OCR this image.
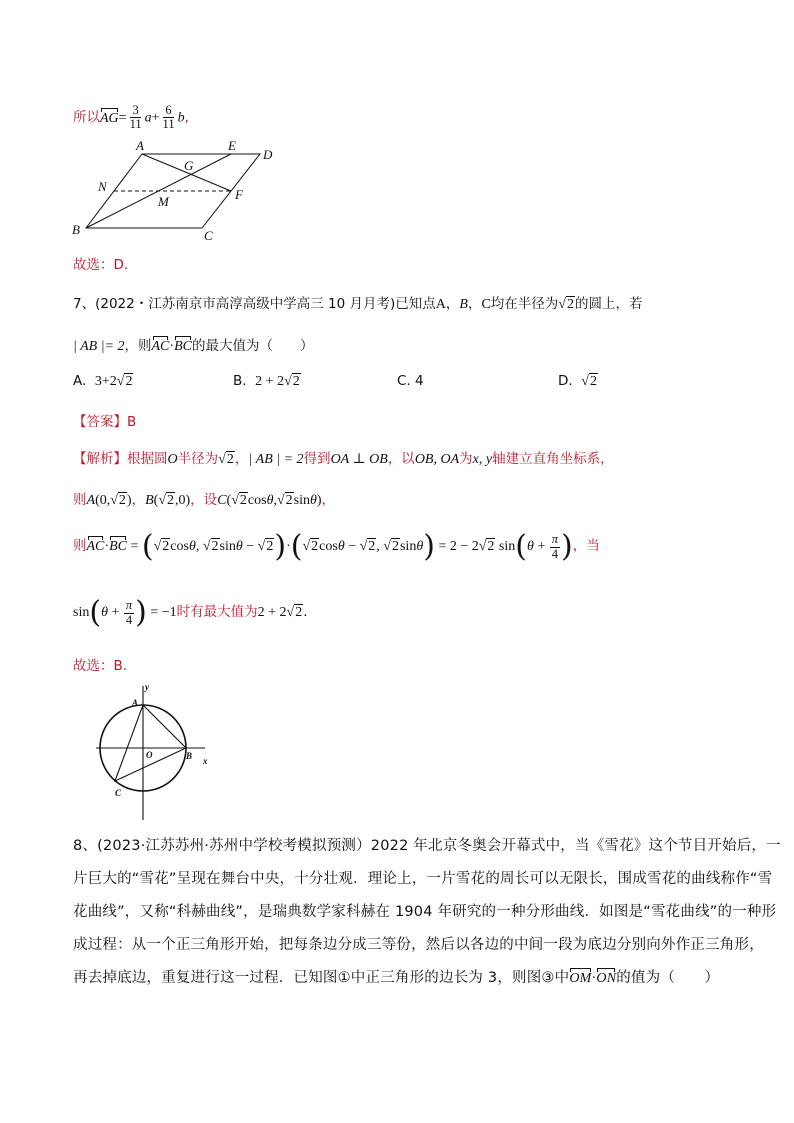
所以$AG= \frac{3}{11} a+ \frac{6}{11} b$,
A	E
D
G
N
F
M
B	C
故选：D．
7、(2022・江苏南京市高淳高级中学高三 10 月月考)已知点A，B，C均在半径为√2的圆上，若
| AB |= 2，则AC·BC的最大值为（　　）
A. 3+2√2	B. 2 + 2√2	C. 4	D. √2
【答案】B
【解析】根据圆O半径为√2，| AB | = 2得到OA ⊥ OB，以OB, OA为x, y轴建立直角坐标系，
则A(0,√2)，B(√2,0)，设C(√2cosθ,√2sinθ)，
则AC·BC = (√2cosθ, √2sinθ − √2)·(√2cosθ − √2, √2sinθ) = 2 − 2√2 $\sin(\theta + \frac{\pi}{4}$ )，当
$\sin(\theta + \frac{\pi}{4}$ ) = −1时有最大值为2 + 2√2.
故选：B.
y
A
O	B x
C
8、(2023·江苏苏州·苏州中学校考模拟预测）2022 年北京冬奥会开幕式中，当《雪花》这个节目开始后，一
片巨大的“雪花”呈现在舞台中央，十分壮观．理论上，一片雪花的周长可以无限长，围成雪花的曲线称作“雪
花曲线”，又称“科赫曲线”，是瑞典数学家科赫在 1904 年研究的一种分形曲线．如图是“雪花曲线”的一种形
成过程：从一个正三角形开始，把每条边分成三等份，然后以各边的中间一段为底边分别向外作正三角形，
再去掉底边，重复进行这一过程．已知图①中正三角形的边长为 3，则图③中OM·ON的值为（　　）
